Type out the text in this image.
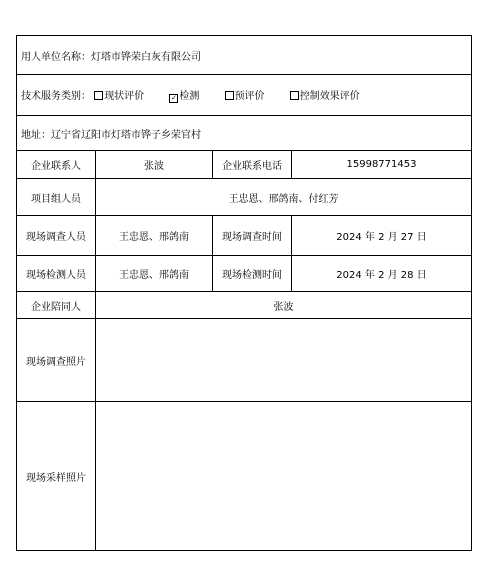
用人单位名称：灯塔市铧荣白灰有限公司			
技术服务类别： 现状评价 ✓ 检测 预评价 控制效果评价			
地址：辽宁省辽阳市灯塔市铧子乡荣官村			
企业联系人	张波	企业联系电话	15998771453
项目组人员	王忠恩、邢鸽南、付红芳		
现场调查人员	王忠恩、邢鸽南	现场调查时间	2024 年 2 月 27 日
现场检测人员	王忠恩、邢鸽南	现场检测时间	2024 年 2 月 28 日
企业陪同人	张波		
现场调查照片			
现场采样照片			
